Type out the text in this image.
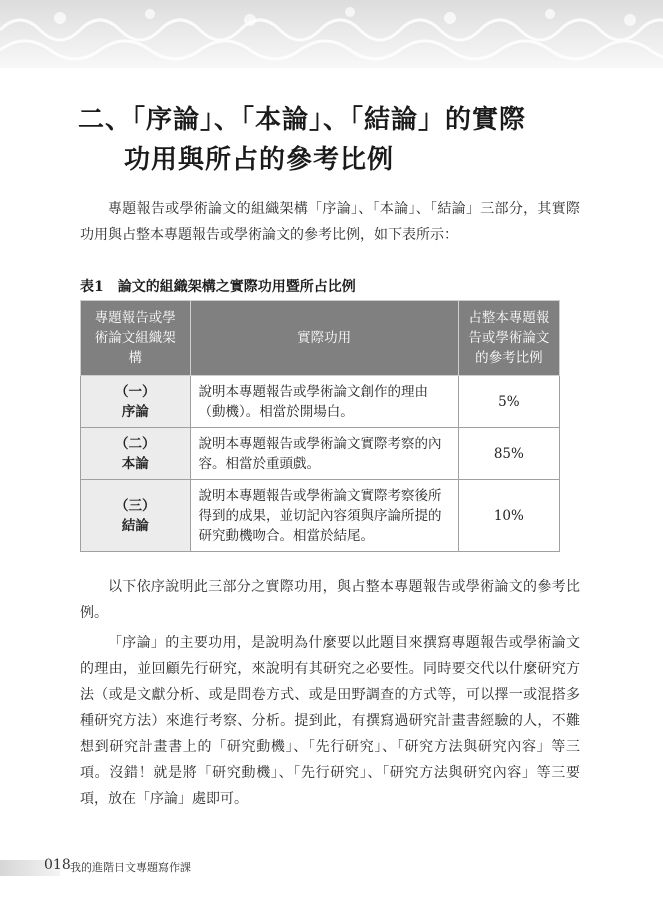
二、「序論」、「本論」、「結論」的實際
功用與所占的參考比例
專題報告或學術論文的組織架構「序論」、「本論」、「結論」三部分，其實際功用與占整本專題報告或學術論文的參考比例，如下表所示：
表1　論文的組織架構之實際功用暨所占比例
專題報告或學術論文組織架構	實際功用	占整本專題報告或學術論文的參考比例

（一）
序論	說明本專題報告或學術論文創作的理由（動機）。相當於開場白。	5%

（二）
本論	說明本專題報告或學術論文實際考察的內容。相當於重頭戲。	85%

（三）
結論	說明本專題報告或學術論文實際考察後所得到的成果，並切記內容須與序論所提的研究動機吻合。相當於結尾。	10%
以下依序說明此三部分之實際功用，與占整本專題報告或學術論文的參考比例。
「序論」的主要功用，是說明為什麼要以此題目來撰寫專題報告或學術論文的理由，並回顧先行研究，來說明有其研究之必要性。同時要交代以什麼研究方法（或是文獻分析、或是問卷方式、或是田野調查的方式等，可以擇一或混搭多種研究方法）來進行考察、分析。提到此，有撰寫過研究計畫書經驗的人，不難想到研究計畫書上的「研究動機」、「先行研究」、「研究方法與研究內容」等三項。沒錯！就是將「研究動機」、「先行研究」、「研究方法與研究內容」等三要項，放在「序論」處即可。
018 我的進階日文專題寫作課
